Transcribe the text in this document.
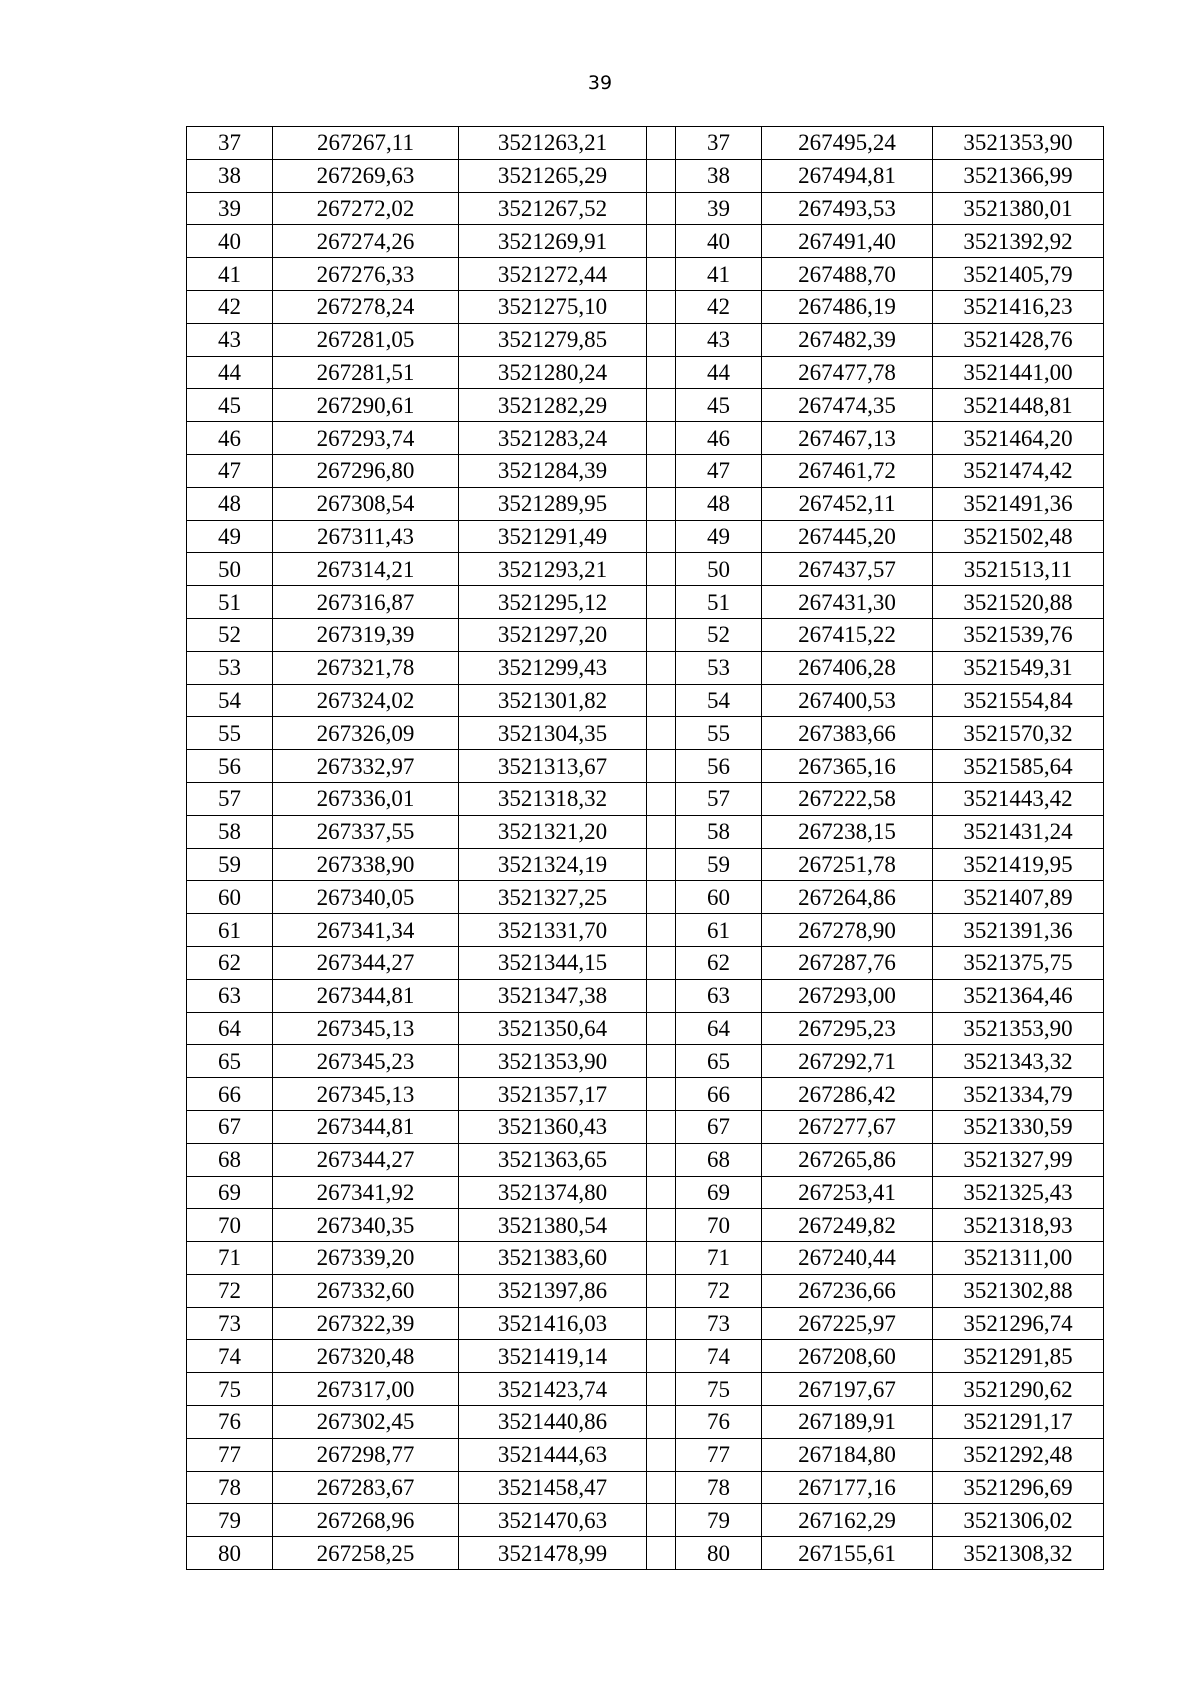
39
37	267267,11	3521263,21		37	267495,24	3521353,90
38	267269,63	3521265,29		38	267494,81	3521366,99
39	267272,02	3521267,52		39	267493,53	3521380,01
40	267274,26	3521269,91		40	267491,40	3521392,92
41	267276,33	3521272,44		41	267488,70	3521405,79
42	267278,24	3521275,10		42	267486,19	3521416,23
43	267281,05	3521279,85		43	267482,39	3521428,76
44	267281,51	3521280,24		44	267477,78	3521441,00
45	267290,61	3521282,29		45	267474,35	3521448,81
46	267293,74	3521283,24		46	267467,13	3521464,20
47	267296,80	3521284,39		47	267461,72	3521474,42
48	267308,54	3521289,95		48	267452,11	3521491,36
49	267311,43	3521291,49		49	267445,20	3521502,48
50	267314,21	3521293,21		50	267437,57	3521513,11
51	267316,87	3521295,12		51	267431,30	3521520,88
52	267319,39	3521297,20		52	267415,22	3521539,76
53	267321,78	3521299,43		53	267406,28	3521549,31
54	267324,02	3521301,82		54	267400,53	3521554,84
55	267326,09	3521304,35		55	267383,66	3521570,32
56	267332,97	3521313,67		56	267365,16	3521585,64
57	267336,01	3521318,32		57	267222,58	3521443,42
58	267337,55	3521321,20		58	267238,15	3521431,24
59	267338,90	3521324,19		59	267251,78	3521419,95
60	267340,05	3521327,25		60	267264,86	3521407,89
61	267341,34	3521331,70		61	267278,90	3521391,36
62	267344,27	3521344,15		62	267287,76	3521375,75
63	267344,81	3521347,38		63	267293,00	3521364,46
64	267345,13	3521350,64		64	267295,23	3521353,90
65	267345,23	3521353,90		65	267292,71	3521343,32
66	267345,13	3521357,17		66	267286,42	3521334,79
67	267344,81	3521360,43		67	267277,67	3521330,59
68	267344,27	3521363,65		68	267265,86	3521327,99
69	267341,92	3521374,80		69	267253,41	3521325,43
70	267340,35	3521380,54		70	267249,82	3521318,93
71	267339,20	3521383,60		71	267240,44	3521311,00
72	267332,60	3521397,86		72	267236,66	3521302,88
73	267322,39	3521416,03		73	267225,97	3521296,74
74	267320,48	3521419,14		74	267208,60	3521291,85
75	267317,00	3521423,74		75	267197,67	3521290,62
76	267302,45	3521440,86		76	267189,91	3521291,17
77	267298,77	3521444,63		77	267184,80	3521292,48
78	267283,67	3521458,47		78	267177,16	3521296,69
79	267268,96	3521470,63		79	267162,29	3521306,02
80	267258,25	3521478,99		80	267155,61	3521308,32
